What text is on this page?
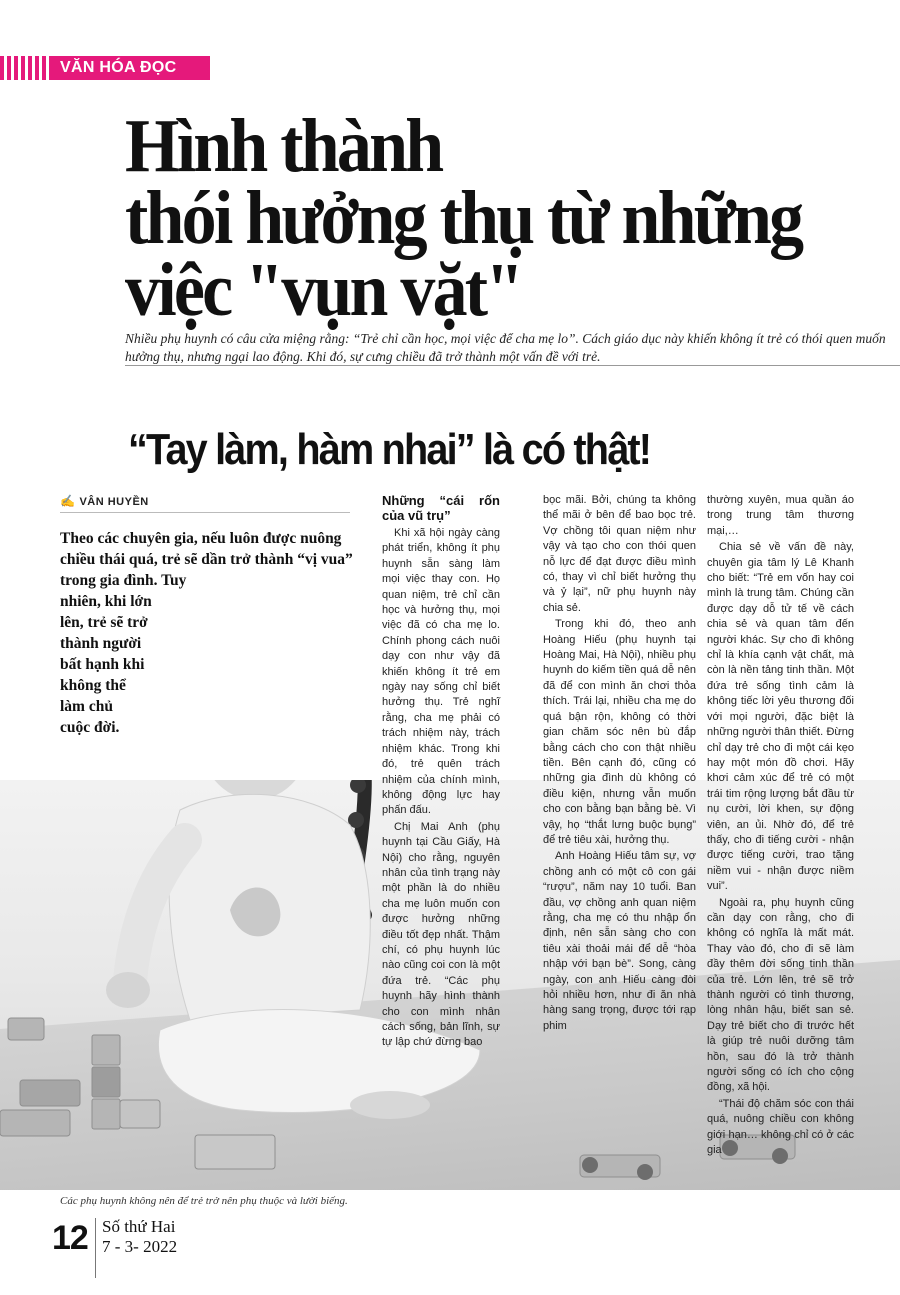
VĂN HÓA ĐỌC
Hình thành
thói hưởng thụ từ những
việc "vụn vặt"

Nhiều phụ huynh có câu cửa miệng rằng: “Trẻ chỉ cần học, mọi việc để cha mẹ lo”. Cách giáo dục này khiến không ít trẻ có thói quen muốn hưởng thụ, nhưng ngại lao động. Khi đó, sự cưng chiều đã trở thành một vấn đề với trẻ.

“Tay làm, hàm nhai” là có thật!
✍ VÂN HUYỀN

Theo các chuyên gia, nếu luôn được nuông
chiều thái quá, trẻ sẽ dần trở thành “vị vua”
trong gia đình. Tuy
nhiên, khi lớn
lên, trẻ sẽ trở
thành người
bất hạnh khi
không thể
làm chủ
cuộc đời.

Những “cái rốn của vũ trụ”

Khi xã hội ngày càng phát triển, không ít phụ huynh sẵn sàng làm mọi việc thay con. Họ quan niệm, trẻ chỉ cần học và hưởng thụ, mọi việc đã có cha mẹ lo. Chính phong cách nuôi dạy con như vậy đã khiến không ít trẻ em ngày nay sống chỉ biết hưởng thụ. Trẻ nghĩ rằng, cha mẹ phải có trách nhiệm này, trách nhiệm khác. Trong khi đó, trẻ quên trách nhiệm của chính mình, không động lực hay phấn đấu.

Chị Mai Anh (phụ huynh tại Cầu Giấy, Hà Nội) cho rằng, nguyên nhân của tình trạng này một phần là do nhiều cha mẹ luôn muốn con được hưởng những điều tốt đẹp nhất. Thậm chí, có phụ huynh lúc nào cũng coi con là một đứa trẻ. “Các phụ huynh hãy hình thành cho con mình nhân cách sống, bản lĩnh, sự tự lập chứ đừng bao

bọc mãi. Bởi, chúng ta không thể mãi ở bên để bao bọc trẻ. Vợ chồng tôi quan niệm như vậy và tạo cho con thói quen nỗ lực để đạt được điều mình có, thay vì chỉ biết hưởng thụ và ỷ lại”, nữ phụ huynh này chia sẻ.

Trong khi đó, theo anh Hoàng Hiếu (phụ huynh tại Hoàng Mai, Hà Nội), nhiều phụ huynh do kiếm tiền quá dễ nên đã để con mình ăn chơi thỏa thích. Trái lại, nhiều cha mẹ do quá bận rộn, không có thời gian chăm sóc nên bù đắp bằng cách cho con thật nhiều tiền. Bên cạnh đó, cũng có những gia đình dù không có điều kiện, nhưng vẫn muốn cho con bằng bạn bằng bè. Vì vậy, họ “thắt lưng buộc bụng” để trẻ tiêu xài, hưởng thụ.

Anh Hoàng Hiếu tâm sự, vợ chồng anh có một cô con gái “rượu”, năm nay 10 tuổi. Ban đầu, vợ chồng anh quan niệm rằng, cha mẹ có thu nhập ổn định, nên sẵn sàng cho con tiêu xài thoải mái để dễ “hòa nhập với bạn bè”. Song, càng ngày, con anh Hiếu càng đòi hỏi nhiều hơn, như đi ăn nhà hàng sang trọng, được tới rạp phim

thường xuyên, mua quần áo trong trung tâm thương mại,…

Chia sẻ về vấn đề này, chuyên gia tâm lý Lê Khanh cho biết: “Trẻ em vốn hay coi mình là trung tâm. Chúng cần được dạy dỗ tử tế về cách chia sẻ và quan tâm đến người khác. Sự cho đi không chỉ là khía cạnh vật chất, mà còn là nền tảng tinh thần. Một đứa trẻ sống tình cảm là không tiếc lời yêu thương đối với mọi người, đặc biệt là những người thân thiết. Đừng chỉ dạy trẻ cho đi một cái kẹo hay một món đồ chơi. Hãy khơi cảm xúc để trẻ có một trái tim rộng lượng bắt đầu từ nụ cười, lời khen, sự động viên, an ủi. Nhờ đó, để trẻ thấy, cho đi tiếng cười - nhận được tiếng cười, trao tặng niềm vui - nhận được niềm vui”.

Ngoài ra, phụ huynh cũng cần dạy con rằng, cho đi không có nghĩa là mất mát. Thay vào đó, cho đi sẽ làm đầy thêm đời sống tinh thần của trẻ. Lớn lên, trẻ sẽ trở thành người có tình thương, lòng nhân hậu, biết san sẻ. Dạy trẻ biết cho đi trước hết là giúp trẻ nuôi dưỡng tâm hồn, sau đó là trở thành người sống có ích cho cộng đồng, xã hội.

“Thái độ chăm sóc con thái quá, nuông chiều con không giới hạn… không chỉ có ở các gia

Các phụ huynh không nên để trẻ trở nên phụ thuộc và lười biếng.

12 Số thứ Hai
7 - 3- 2022
